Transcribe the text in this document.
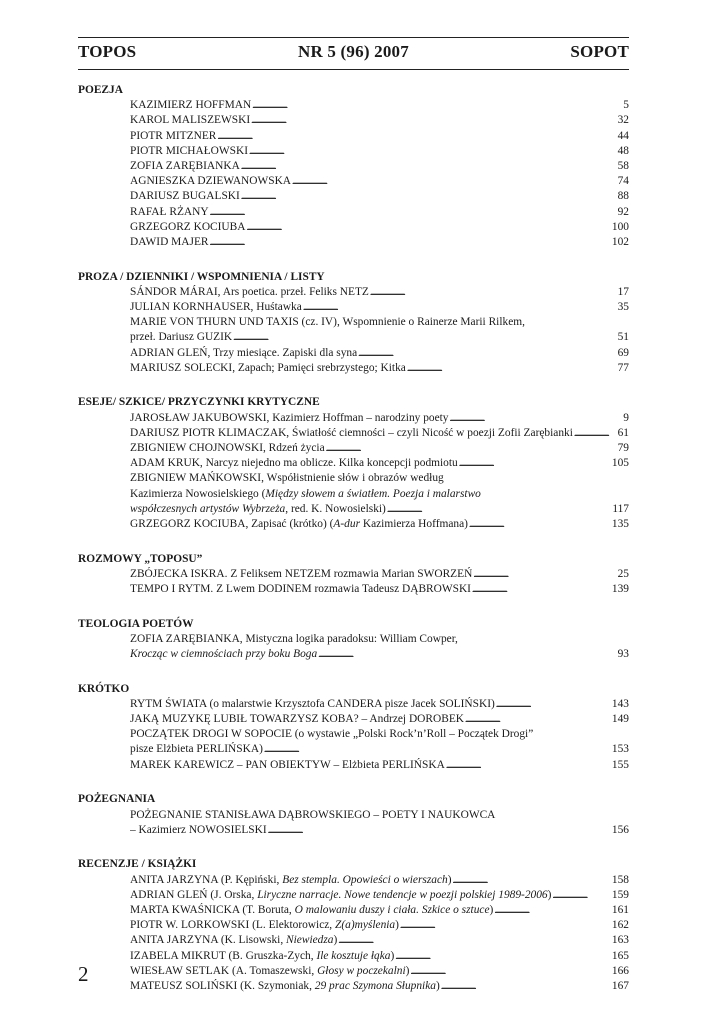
TOPOS	NR 5 (96) 2007	SOPOT
POEZJA
KAZIMIERZ HOFFMAN . . .	5
KAROL MALISZEWSKI . . .	32
PIOTR MITZNER . . .	44
PIOTR MICHAŁOWSKI . . .	48
ZOFIA ZARĘBIANKA . . .	58
AGNIESZKA DZIEWANOWSKA . . .	74
DARIUSZ BUGALSKI . . .	88
RAFAŁ RŻANY . . .	92
GRZEGORZ KOCIUBA . . .	100
DAWID MAJER . . .	102
PROZA / DZIENNIKI / WSPOMNIENIA / LISTY
SÁNDOR MÁRAI, Ars poetica. przeł. Feliks NETZ . . .	17
JULIAN KORNHAUSER, Huśtawka . . .	35
MARIE VON THURN UND TAXIS (cz. IV), Wspomnienie o Rainerze Marii Rilkem,
przeł. Dariusz GUZIK . . .	51
ADRIAN GLEŃ, Trzy miesiące. Zapiski dla syna . . .	69
MARIUSZ SOLECKI, Zapach; Pamięci srebrzystego; Kitka . . .	77
ESEJE/ SZKICE/ PRZYCZYNKI KRYTYCZNE
JAROSŁAW JAKUBOWSKI, Kazimierz Hoffman – narodziny poety . . .	9
DARIUSZ PIOTR KLIMACZAK, Światłość ciemności – czyli Nicość w poezji Zofii Zarębianki . . .	61
ZBIGNIEW CHOJNOWSKI, Rdzeń życia . . .	79
ADAM KRUK, Narcyz niejedno ma oblicze. Kilka koncepcji podmiotu . . .	105
ZBIGNIEW MAŃKOWSKI, Współistnienie słów i obrazów według
Kazimierza Nowosielskiego (Między słowem a światłem. Poezja i malarstwo
współczesnych artystów Wybrzeża, red. K. Nowosielski) . . .	117
GRZEGORZ KOCIUBA, Zapisać (krótko) (A-dur Kazimierza Hoffmana) . . .	135
ROZMOWY „TOPOSU”
ZBÓJECKA ISKRA. Z Feliksem NETZEM rozmawia Marian SWORZEŃ . . .	25
TEMPO I RYTM. Z Lwem DODINEM rozmawia Tadeusz DĄBROWSKI . . .	139
TEOLOGIA POETÓW
ZOFIA ZARĘBIANKA, Mistyczna logika paradoksu: William Cowper,
Krocząc w ciemnościach przy boku Boga . . .	93
KRÓTKO
RYTM ŚWIATA (o malarstwie Krzysztofa CANDERA pisze Jacek SOLIŃSKI) . . .	143
JAKĄ MUZYKĘ LUBIŁ TOWARZYSZ KOBA? – Andrzej DOROBEK . . .	149
POCZĄTEK DROGI W SOPOCIE (o wystawie „Polski Rock’n’Roll – Początek Drogi”
pisze Elżbieta PERLIŃSKA) . . .	153
MAREK KAREWICZ – PAN OBIEKTYW – Elżbieta PERLIŃSKA . . .	155
POŻEGNANIA
POŻEGNANIE STANISŁAWA DĄBROWSKIEGO – POETY I NAUKOWCA
– Kazimierz NOWOSIELSKI . . .	156
RECENZJE / KSIĄŻKI
ANITA JARZYNA (P. Kępiński, Bez stempla. Opowieści o wierszach) . . .	158
ADRIAN GLEŃ (J. Orska, Liryczne narracje. Nowe tendencje w poezji polskiej 1989-2006) . . .	159
MARTA KWAŚNICKA (T. Boruta, O malowaniu duszy i ciała. Szkice o sztuce) . . .	161
PIOTR W. LORKOWSKI (L. Elektorowicz, Z(a)myślenia) . . .	162
ANITA JARZYNA (K. Lisowski, Niewiedza) . . .	163
IZABELA MIKRUT (B. Gruszka-Zych, Ile kosztuje łąka) . . .	165
WIESŁAW SETLAK (A. Tomaszewski, Głosy w poczekalni) . . .	166
MATEUSZ SOLIŃSKI (K. Szymoniak, 29 prac Szymona Słupnika) . . .	167
2
